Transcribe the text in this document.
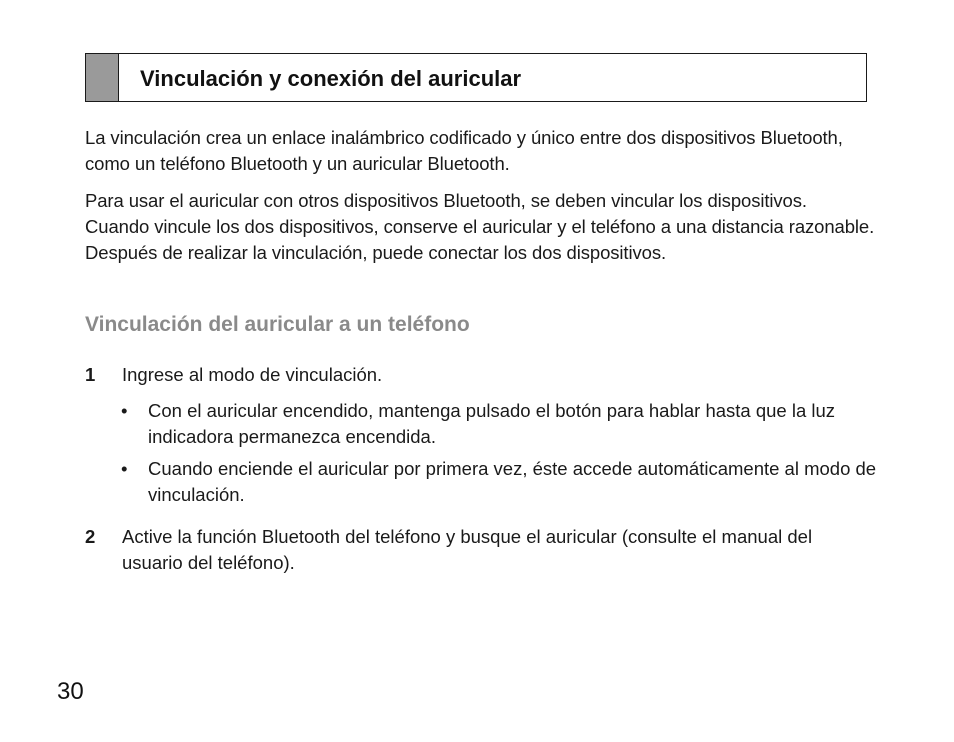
Vinculación y conexión del auricular

La vinculación crea un enlace inalámbrico codificado y único entre dos dispositivos Bluetooth, como un teléfono Bluetooth y un auricular Bluetooth.

Para usar el auricular con otros dispositivos Bluetooth, se deben vincular los dispositivos. Cuando vincule los dos dispositivos, conserve el auricular y el teléfono a una distancia razonable. Después de realizar la vinculación, puede conectar los dos dispositivos.

Vinculación del auricular a un teléfono
1 Ingrese al modo de vinculación.
• Con el auricular encendido, mantenga pulsado el botón para hablar hasta que la luz indicadora permanezca encendida.
• Cuando enciende el auricular por primera vez, éste accede automáticamente al modo de vinculación.
2 Active la función Bluetooth del teléfono y busque el auricular (consulte el manual del usuario del teléfono).
30
